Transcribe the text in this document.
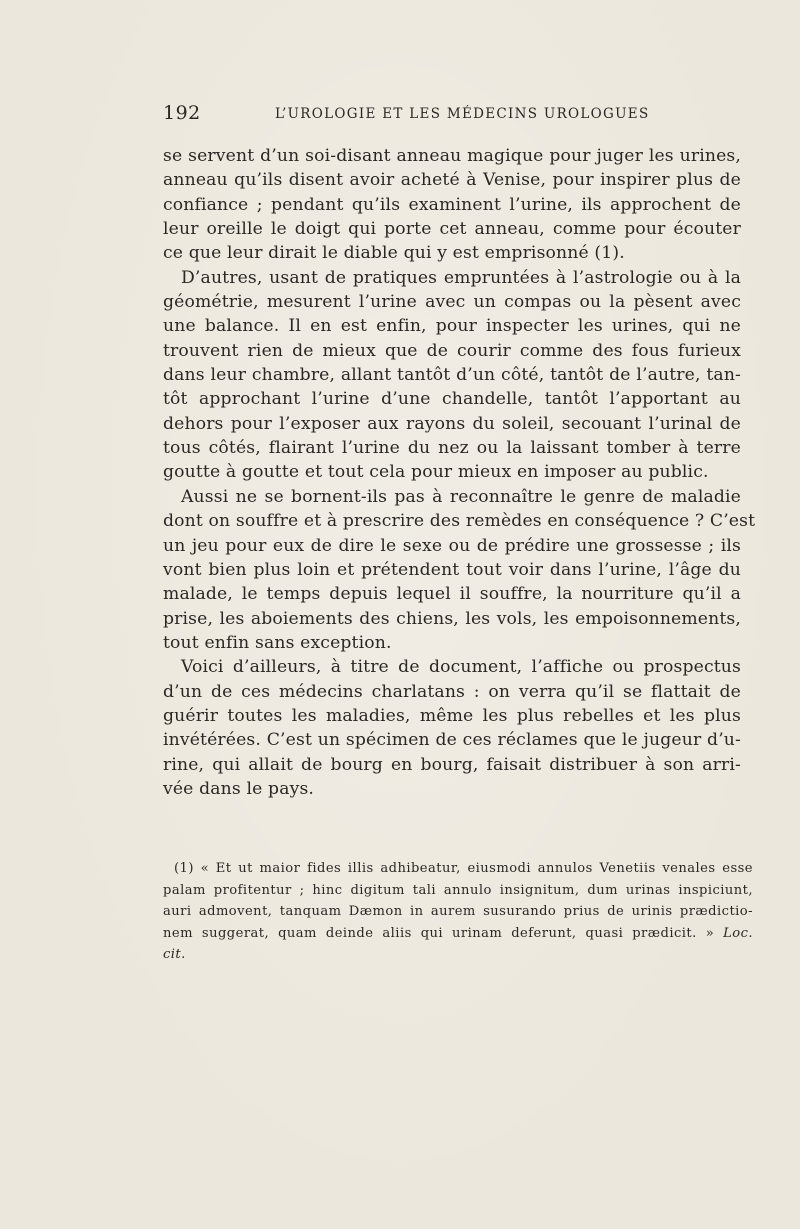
192	L’UROLOGIE ET LES MÉDECINS UROLOGUES

se servent d’un soi-disant anneau magique pour juger les urines,
anneau qu’ils disent avoir acheté à Venise, pour inspirer plus de
confiance ; pendant qu’ils examinent l’urine, ils approchent de
leur oreille le doigt qui porte cet anneau, comme pour écouter
ce que leur dirait le diable qui y est emprisonné (1).

D’autres, usant de pratiques empruntées à l’astrologie ou à la
géométrie, mesurent l’urine avec un compas ou la pèsent avec
une balance. Il en est enfin, pour inspecter les urines, qui ne
trouvent rien de mieux que de courir comme des fous furieux
dans leur chambre, allant tantôt d’un côté, tantôt de l’autre, tan-
tôt approchant l’urine d’une chandelle, tantôt l’apportant au
dehors pour l’exposer aux rayons du soleil, secouant l’urinal de
tous côtés, flairant l’urine du nez ou la laissant tomber à terre
goutte à goutte et tout cela pour mieux en imposer au public.

Aussi ne se bornent-ils pas à reconnaître le genre de maladie
dont on souffre et à prescrire des remèdes en conséquence ? C’est
un jeu pour eux de dire le sexe ou de prédire une grossesse ; ils
vont bien plus loin et prétendent tout voir dans l’urine, l’âge du
malade, le temps depuis lequel il souffre, la nourriture qu’il a
prise, les aboiements des chiens, les vols, les empoisonnements,
tout enfin sans exception.

Voici d’ailleurs, à titre de document, l’affiche ou prospectus
d’un de ces médecins charlatans : on verra qu’il se flattait de
guérir toutes les maladies, même les plus rebelles et les plus
invétérées. C’est un spécimen de ces réclames que le jugeur d’u-
rine, qui allait de bourg en bourg, faisait distribuer à son arri-
vée dans le pays.

(1) « Et ut maior fides illis adhibeatur, eiusmodi annulos Venetiis venales esse
palam profitentur ; hinc digitum tali annulo insignitum, dum urinas inspiciunt,
auri admovent, tanquam Dæmon in aurem susurando prius de urinis prædictio-
nem suggerat, quam deinde aliis qui urinam deferunt, quasi prædicit. » Loc.
cit.
